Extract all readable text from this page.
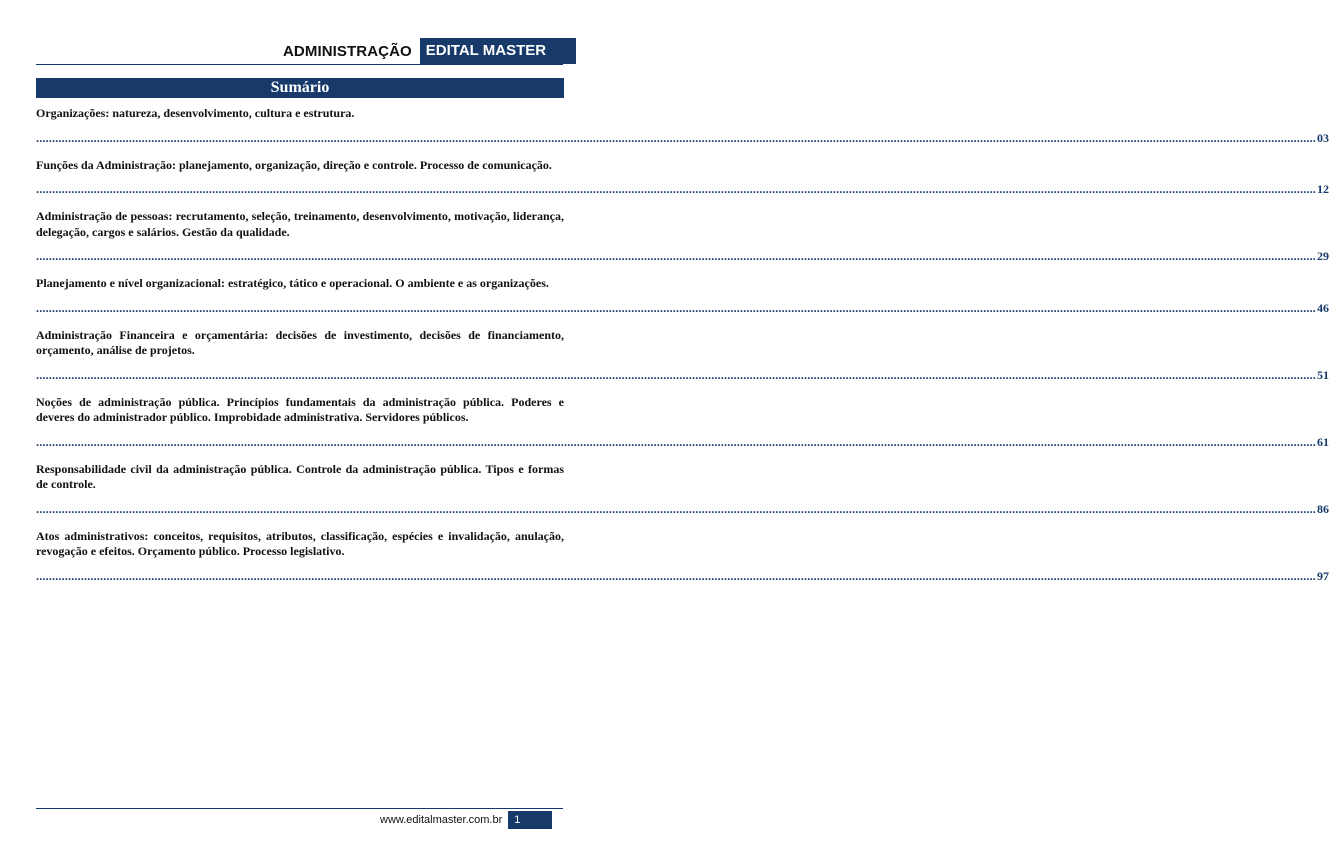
ADMINISTRAÇÃO EDITAL MASTER
Sumário
Organizações: natureza, desenvolvimento, cultura e estrutura.
................................................................................................................................................................................................................................................................................................................................................................................................................ 03
Funções da Administração: planejamento, organização, direção e controle. Processo de comunicação.
................................................................................................................................................................................................................................................................................................................................................................................................................ 12
Administração de pessoas: recrutamento, seleção, treinamento, desenvolvimento, motivação, liderança, delegação, cargos e salários. Gestão da qualidade.
................................................................................................................................................................................................................................................................................................................................................................................................................ 29
Planejamento e nível organizacional: estratégico, tático e operacional. O ambiente e as organizações.
................................................................................................................................................................................................................................................................................................................................................................................................................ 46
Administração Financeira e orçamentária: decisões de investimento, decisões de financiamento, orçamento, análise de projetos.
................................................................................................................................................................................................................................................................................................................................................................................................................ 51
Noções de administração pública. Princípios fundamentais da administração pública. Poderes e deveres do administrador público. Improbidade administrativa. Servidores públicos.
................................................................................................................................................................................................................................................................................................................................................................................................................ 61
Responsabilidade civil da administração pública. Controle da administração pública. Tipos e formas de controle.
................................................................................................................................................................................................................................................................................................................................................................................................................ 86
Atos administrativos: conceitos, requisitos, atributos, classificação, espécies e invalidação, anulação, revogação e efeitos. Orçamento público. Processo legislativo.
................................................................................................................................................................................................................................................................................................................................................................................................................ 97
www.editalmaster.com.br	1
